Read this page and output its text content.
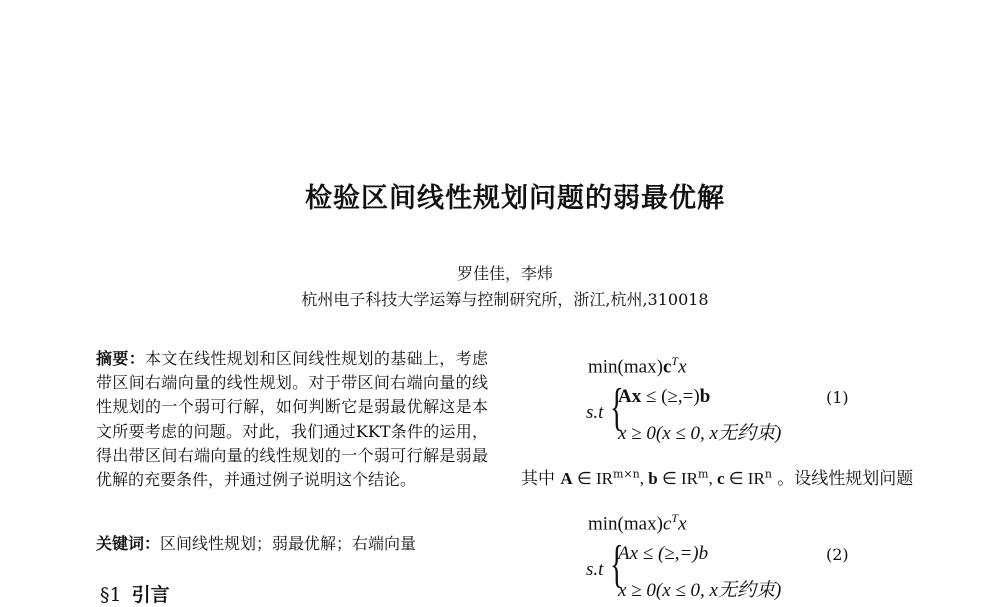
检验区间线性规划问题的弱最优解
罗佳佳，李炜
杭州电子科技大学运筹与控制研究所，浙江,杭州,310018
摘要：本文在线性规划和区间线性规划的基础上，考虑带区间右端向量的线性规划。对于带区间右端向量的线性规划的一个弱可行解，如何判断它是弱最优解这是本文所要考虑的问题。对此，我们通过KKT条件的运用，得出带区间右端向量的线性规划的一个弱可行解是弱最优解的充要条件，并通过例子说明这个结论。
关键词：区间线性规划；弱最优解；右端向量
§1 引言
$\min(\max)c^Tx$
s.t {
Ax ≤ (≥,=)b
x ≥ 0(x ≤ 0, x无约束)
(1)
其中 A ∈ $IR^{m\times n}$, b ∈ $IR^m$, c ∈ $IR^n$ 。设线性规划问题
$\min(\max)c^Tx$
s.t {
Ax ≤ (≥,=)b
x ≥ 0(x ≤ 0, x无约束)
(2)
